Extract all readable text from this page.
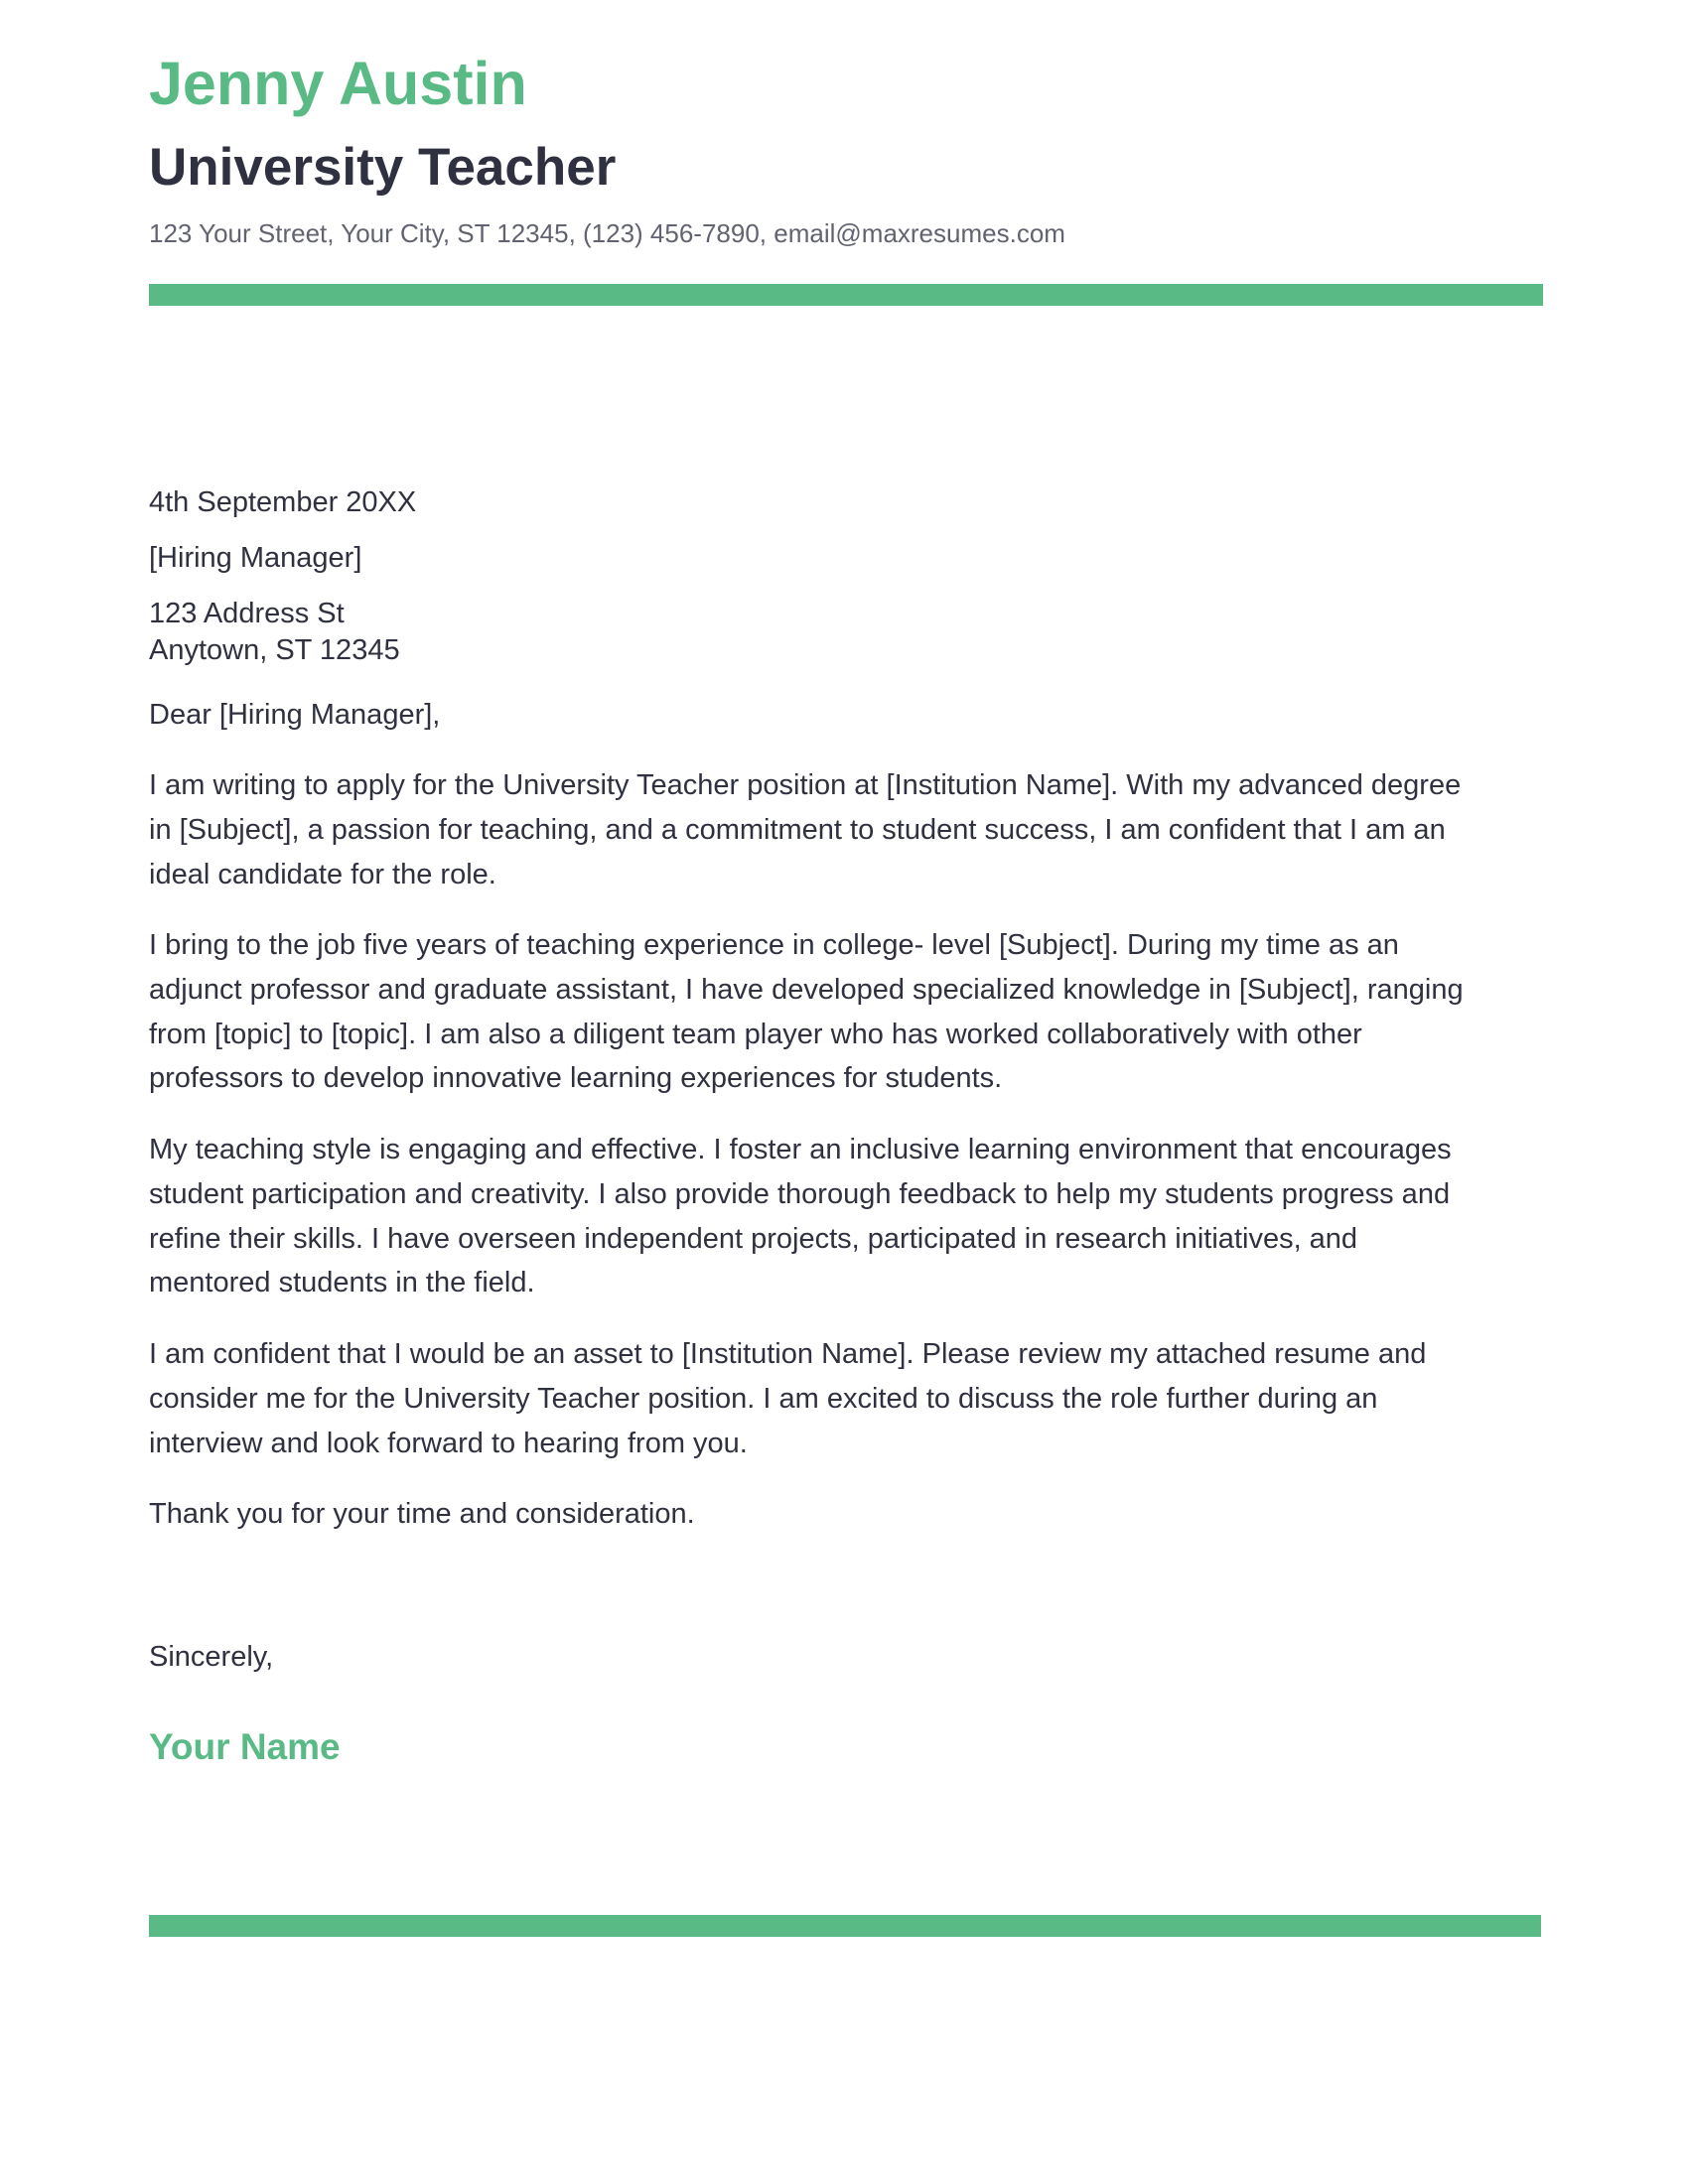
Jenny Austin
University Teacher
123 Your Street, Your City, ST 12345, (123) 456-7890, email@maxresumes.com
4th September 20XX
[Hiring Manager]
123 Address St
Anytown, ST 12345
Dear [Hiring Manager],

I am writing to apply for the University Teacher position at [Institution Name]. With my advanced degree
in [Subject], a passion for teaching, and a commitment to student success, I am confident that I am an
ideal candidate for the role.

I bring to the job five years of teaching experience in college- level [Subject]. During my time as an
adjunct professor and graduate assistant, I have developed specialized knowledge in [Subject], ranging
from [topic] to [topic]. I am also a diligent team player who has worked collaboratively with other
professors to develop innovative learning experiences for students.

My teaching style is engaging and effective. I foster an inclusive learning environment that encourages
student participation and creativity. I also provide thorough feedback to help my students progress and
refine their skills. I have overseen independent projects, participated in research initiatives, and
mentored students in the field.

I am confident that I would be an asset to [Institution Name]. Please review my attached resume and
consider me for the University Teacher position. I am excited to discuss the role further during an
interview and look forward to hearing from you.

Thank you for your time and consideration.
Sincerely,
Your Name
